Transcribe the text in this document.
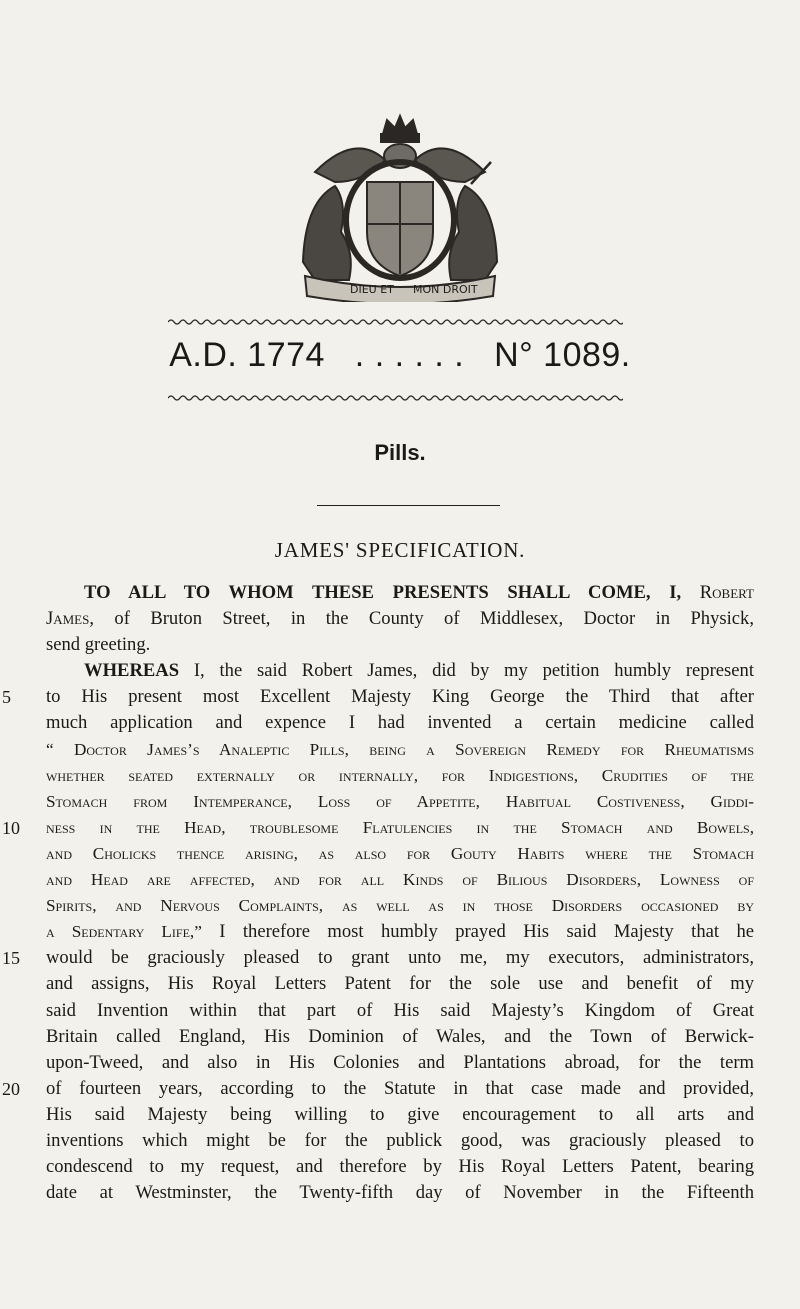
DIEU ET MON DROIT
A.D. 1774 . . . . . . N° 1089.
Pills.
JAMES' SPECIFICATION.
TO ALL TO WHOM THESE PRESENTS SHALL COME, I, Robert
James, of Bruton Street, in the County of Middlesex, Doctor in Physick,
send greeting.
WHEREAS I, the said Robert James, did by my petition humbly represent
5	to His present most Excellent Majesty King George the Third that after
much application and expence I had invented a certain medicine called
“ Doctor James’s Analeptic Pills, being a Sovereign Remedy for Rheumatisms
whether seated externally or internally, for Indigestions, Crudities of the
Stomach from Intemperance, Loss of Appetite, Habitual Costiveness, Giddi-
10	ness in the Head, troublesome Flatulencies in the Stomach and Bowels,
and Cholicks thence arising, as also for Gouty Habits where the Stomach
and Head are affected, and for all Kinds of Bilious Disorders, Lowness of
Spirits, and Nervous Complaints, as well as in those Disorders occasioned by
a Sedentary Life,” I therefore most humbly prayed His said Majesty that he
15	would be graciously pleased to grant unto me, my executors, administrators,
and assigns, His Royal Letters Patent for the sole use and benefit of my
said Invention within that part of His said Majesty’s Kingdom of Great
Britain called England, His Dominion of Wales, and the Town of Berwick-
upon-Tweed, and also in His Colonies and Plantations abroad, for the term
20	of fourteen years, according to the Statute in that case made and provided,
His said Majesty being willing to give encouragement to all arts and
inventions which might be for the publick good, was graciously pleased to
condescend to my request, and therefore by His Royal Letters Patent, bearing
date at Westminster, the Twenty-fifth day of November in the Fifteenth
